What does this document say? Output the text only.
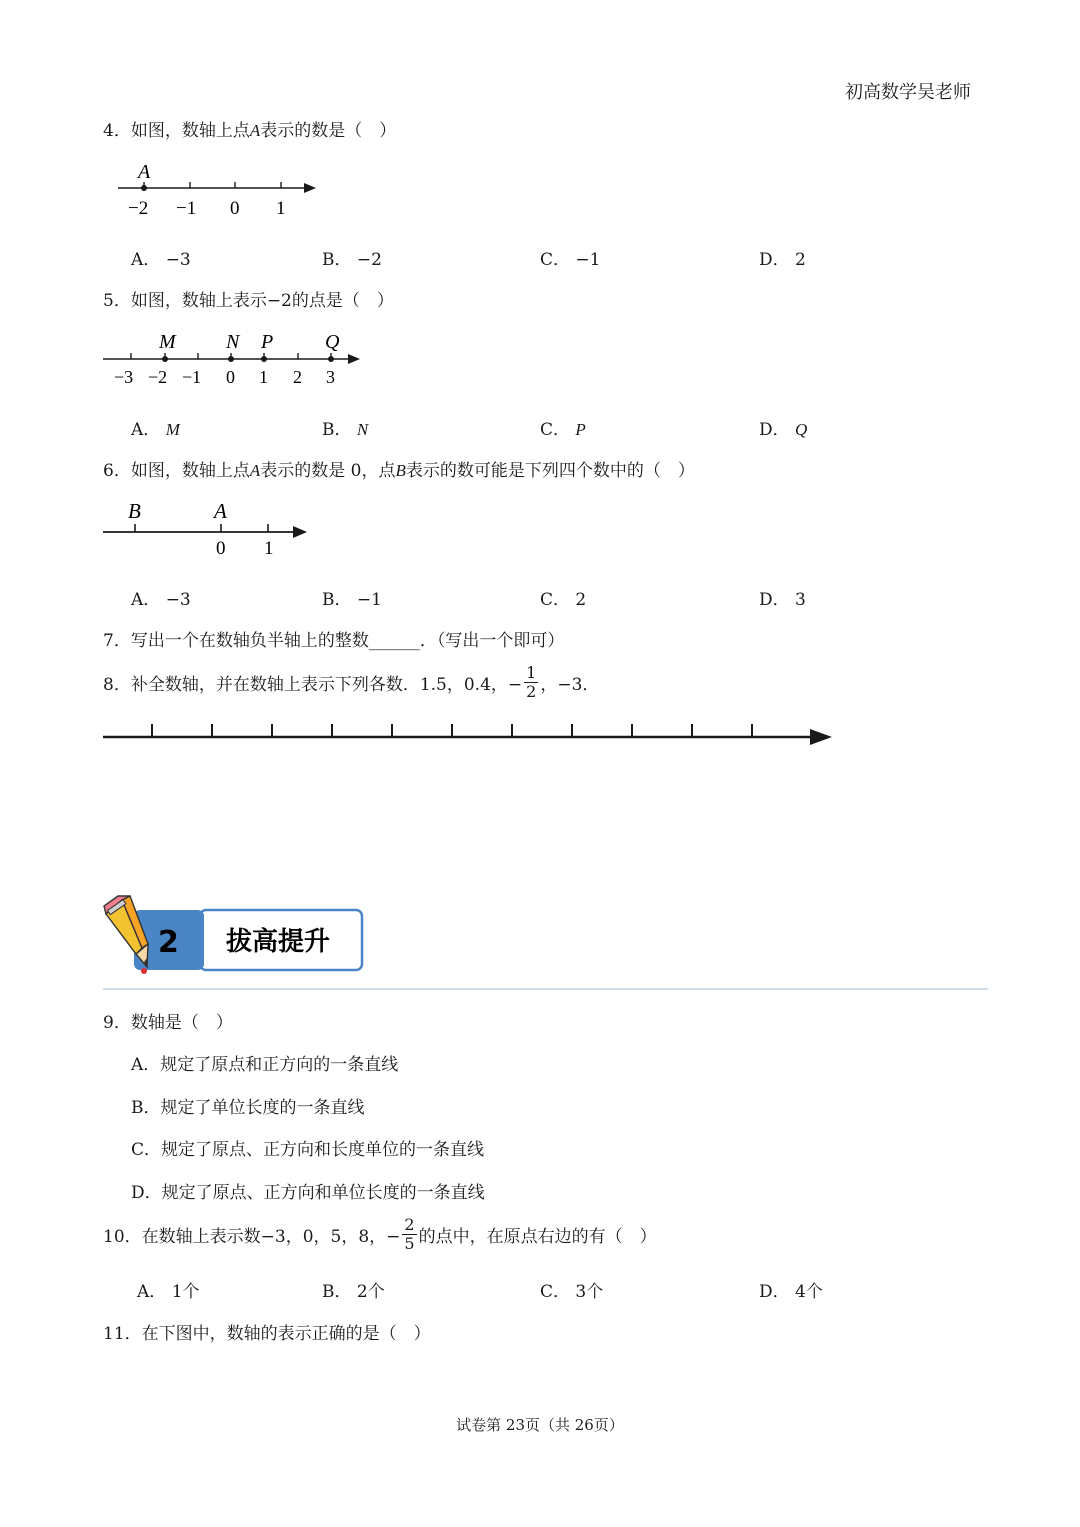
初高数学吴老师
4．如图，数轴上点A表示的数是（　）
A
−2 −1 0 1
A． −3	B． −2	C． −1	D． 2
5．如图，数轴上表示−2的点是（　）
M	N P	Q
−3 −2 −1 0 1 2 3
A． M	B． N	C． P	D． Q
6．如图，数轴上点A表示的数是 0，点B表示的数可能是下列四个数中的（　）
B	A
0 1
A． −3	B． −1	C． 2	D． 3
7．写出一个在数轴负半轴上的整数______．（写出一个即可）
8．补全数轴，并在数轴上表示下列各数．1.5，0.4，− $\frac{1}{2}$ ，−3．
2 拔高提升
9．数轴是（　）
A．规定了原点和正方向的一条直线
B．规定了单位长度的一条直线
C．规定了原点、正方向和长度单位的一条直线
D．规定了原点、正方向和单位长度的一条直线
10．在数轴上表示数−3，0，5，8，− $\frac{2}{5}$ 的点中，在原点右边的有（　）
A． 1个	B． 2个	C． 3个	D． 4个
11．在下图中，数轴的表示正确的是（　）
试卷第 23页（共 26页）
